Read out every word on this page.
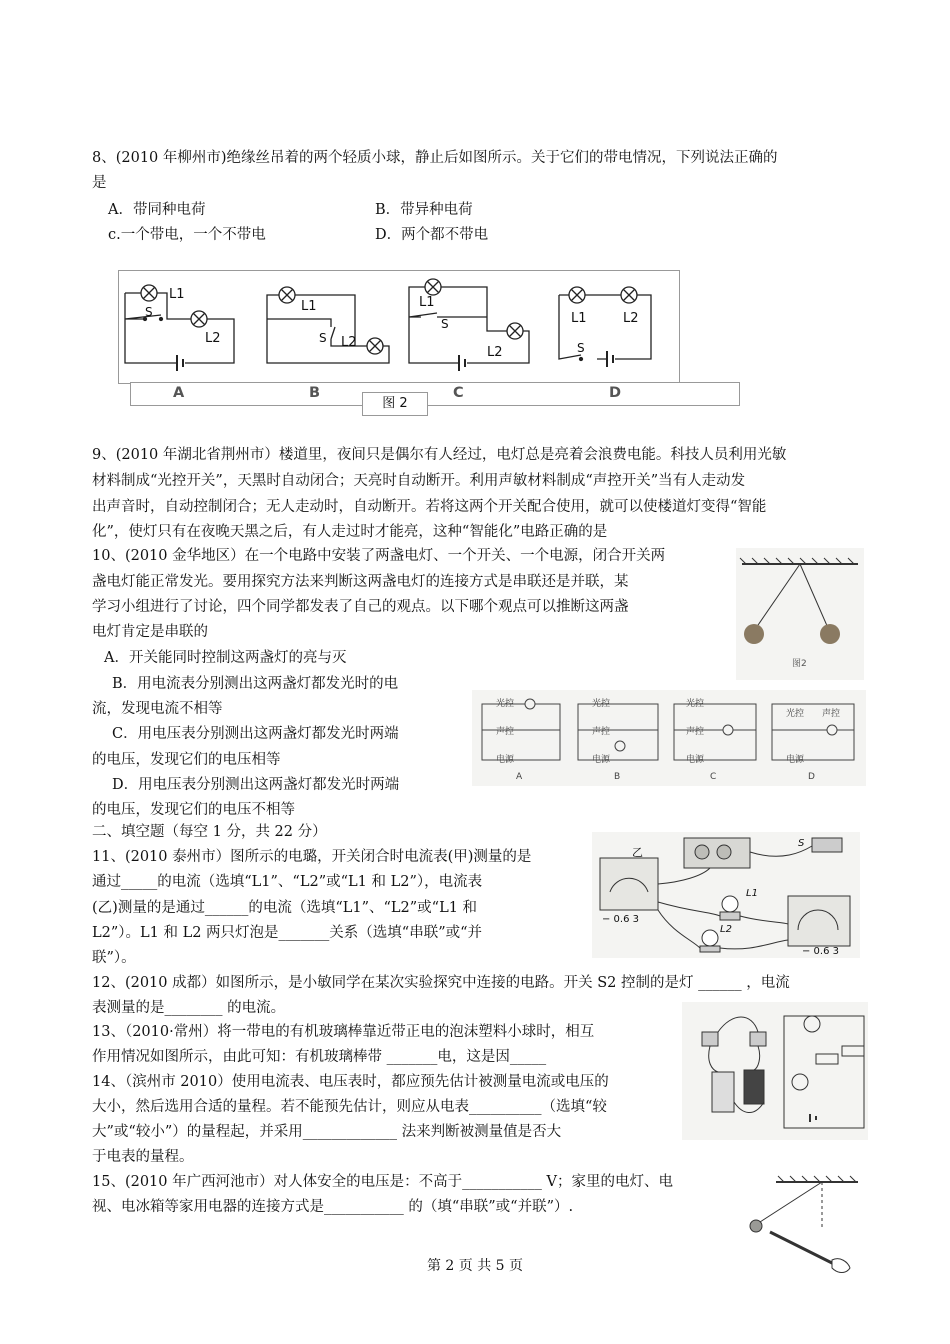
8、(2010 年柳州市)绝缘丝吊着的两个轻质小球，静止后如图所示。关于它们的带电情况，下列说法正确的
是
A．带同种电荷	B．带异种电荷
c.一个带电，一个不带电	D．两个都不带电
L1
L2
S	L1
L2
S
L1
L2
S	L1	L2
S
A	B	C	D
图 2
9、(2010 年湖北省荆州市）楼道里，夜间只是偶尔有人经过，电灯总是亮着会浪费电能。科技人员利用光敏
材料制成“光控开关”，天黑时自动闭合；天亮时自动断开。利用声敏材料制成“声控开关”当有人走动发
出声音时，自动控制闭合；无人走动时，自动断开。若将这两个开关配合使用，就可以使楼道灯变得“智能
化”，使灯只有在夜晚天黑之后，有人走过时才能亮，这种“智能化”电路正确的是
10、(2010 金华地区）在一个电路中安装了两盏电灯、一个开关、一个电源，闭合开关两
盏电灯能正常发光。要用探究方法来判断这两盏电灯的连接方式是串联还是并联，某
学习小组进行了讨论，四个同学都发表了自己的观点。以下哪个观点可以推断这两盏
电灯肯定是串联的
A．开关能同时控制这两盏灯的亮与灭
B．用电流表分别测出这两盏灯都发光时的电
流，发现电流不相等
C．用电压表分别测出这两盏灯都发光时两端
的电压，发现它们的电压相等
D．用电压表分别测出这两盏灯都发光时两端
的电压，发现它们的电压不相等
图2
光控
声控
电源
光控
声控
电源
光控
声控
电源
光控 声控
电源
A	B	C	D
二、填空题（每空 1 分，共 22 分）
11、(2010 泰州市）图所示的电璐，开关闭合时电流表(甲)测量的是
通过_____的电流（选填“L1”、“L2”或“L1 和 L2”），电流表
(乙)测量的是通过______的电流（选填“L1”、“L2”或“L1 和
L2”）。L1 和 L2 两只灯泡是_______关系（选填“串联”或“并
联”）。
乙
S
L1
L2
− 0.6 3
− 0.6 3
12、(2010 成都）如图所示，是小敏同学在某次实验探究中连接的电路。开关 S2 控制的是灯 ______ ，电流
表测量的是________ 的电流。
13、（2010·常州）将一带电的有机玻璃棒靠近带正电的泡沫塑料小球时，相互
作用情况如图所示，由此可知：有机玻璃棒带 _______电，这是因_____
14、（滨州市 2010）使用电流表、电压表时，都应预先估计被测量电流或电压的
大小，然后选用合适的量程。若不能预先估计，则应从电表__________（选填“较
大”或“较小”）的量程起，并采用_____________ 法来判断被测量值是否大
于电表的量程。
15、(2010 年广西河池市）对人体安全的电压是：不高于___________ V；家里的电灯、电
视、电冰箱等家用电器的连接方式是___________ 的（填“串联”或“并联”）.
第 2 页 共 5 页
